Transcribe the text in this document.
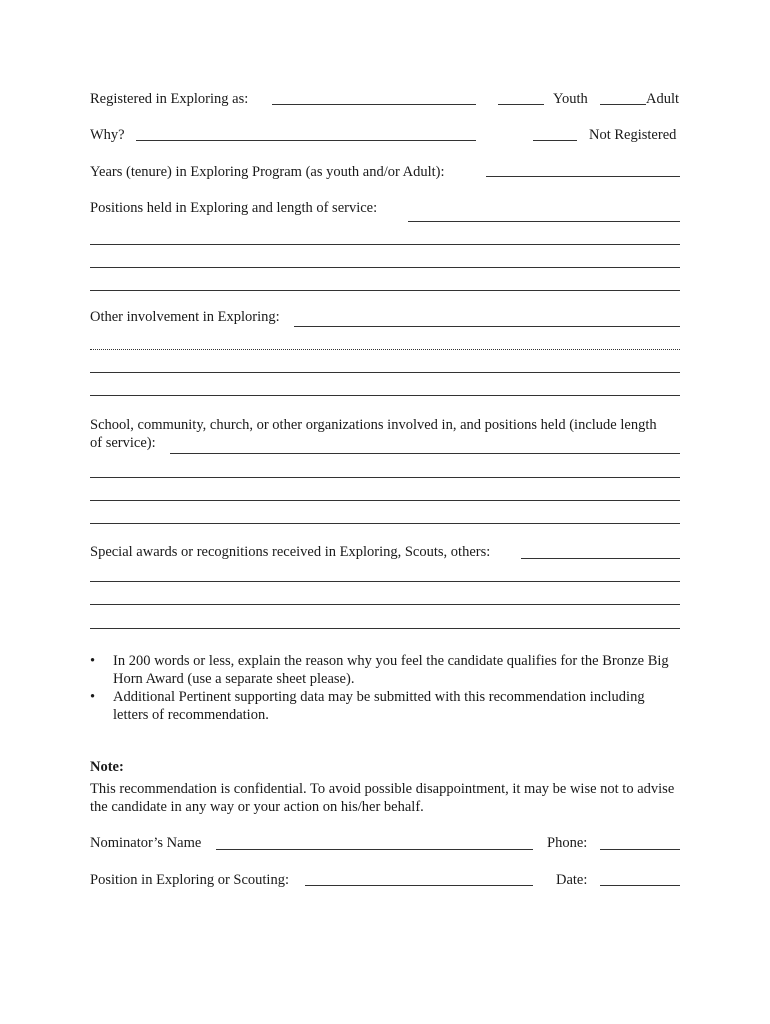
Registered in Exploring as:	Youth	Adult
Why?	Not Registered
Years (tenure) in Exploring Program (as youth and/or Adult):
Positions held in Exploring and length of service:
Other involvement in Exploring:
School, community, church, or other organizations involved in, and positions held (include length
of service):
Special awards or recognitions received in Exploring, Scouts, others:
• In 200 words or less, explain the reason why you feel the candidate qualifies for the Bronze Big Horn Award (use a separate sheet please).
• Additional Pertinent supporting data may be submitted with this recommendation including letters of recommendation.
Note:
This recommendation is confidential. To avoid possible disappointment, it may be wise not to advise the candidate in any way or your action on his/her behalf.
Nominator’s Name	Phone:
Position in Exploring or Scouting:	Date:
